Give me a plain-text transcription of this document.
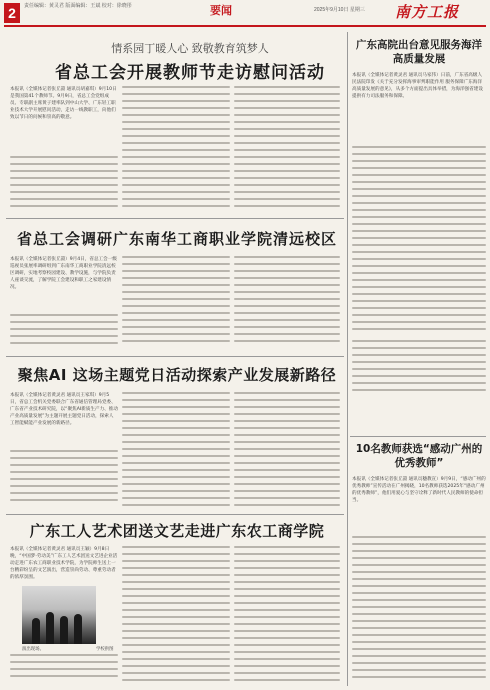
2	责任编辑：黄灵君 版面编辑：王斌 校对：徐晓彤	要闻	2025年9月10日 星期三 南方工报
情系园丁暖人心 致敬教育筑梦人
省总工会开展教师节走访慰问活动
本报讯（全媒体记者张丘譞 通讯员胡嘉琪）9月10日是我国第41个教师节。9月9日，省总工会党组成员、专职副主席黄子建率队到中山大学、广东轻工职业技术大学开展慰问活动，走访一线教职工，向他们致以节日的问候和崇高的敬意。
省总工会调研广东南华工商职业学院清远校区
本报讯（全媒体记者张丘譞）9月4日，省总工会一级巡视员张展率调研组到广东南华工商职业学院清远校区调研，实地考察校园建设、教学设施，与学院负责人座谈交流，了解学院工会建设和职工之家建设情况。
聚焦AI 这场主题党日活动探索产业发展新路径
本报讯（全媒体记者黄灵君 通讯员王家琪）9月5日，省总工会机关党委联合广东省通信管理局党委、广东省产业技术研究院，以“聚焦AI新质生产力、推动产业高质量发展”为主题开展主题党日活动，探索人工智能赋能产业发展的新路径。
广东工人艺术团送文艺走进广东农工商学院
本报讯（全媒体记者黄灵君 通讯员王颖）9月8日晚，“中国梦·劳动美”广东工人艺术团送文艺进企业活动走进广东农工商职业技术学院，为学院师生送上一台精彩纷呈的文艺演出，营造崇尚劳动、尊重劳动者的浓厚氛围。
演出现场。	学校供图
广东高院出台意见服务海洋高质量发展
本报讯（全媒体记者黄灵君 通讯员马家伟）日前，广东省高级人民法院印发《关于充分发挥海事审判职能作用 服务保障广东海洋高质量发展的意见》，从多个方面提出具体举措，为海洋强省建设提供有力司法服务和保障。
10名教师获选“感动广州的优秀教师”
本报讯（全媒体记者张丘譞 通讯员穗教宣）9月9日，“感动广州的优秀教师”宣传活动在广州揭晓，10名教师获选2025年“感动广州的优秀教师”，他们用爱心与坚守诠释了新时代人民教师的使命担当。
